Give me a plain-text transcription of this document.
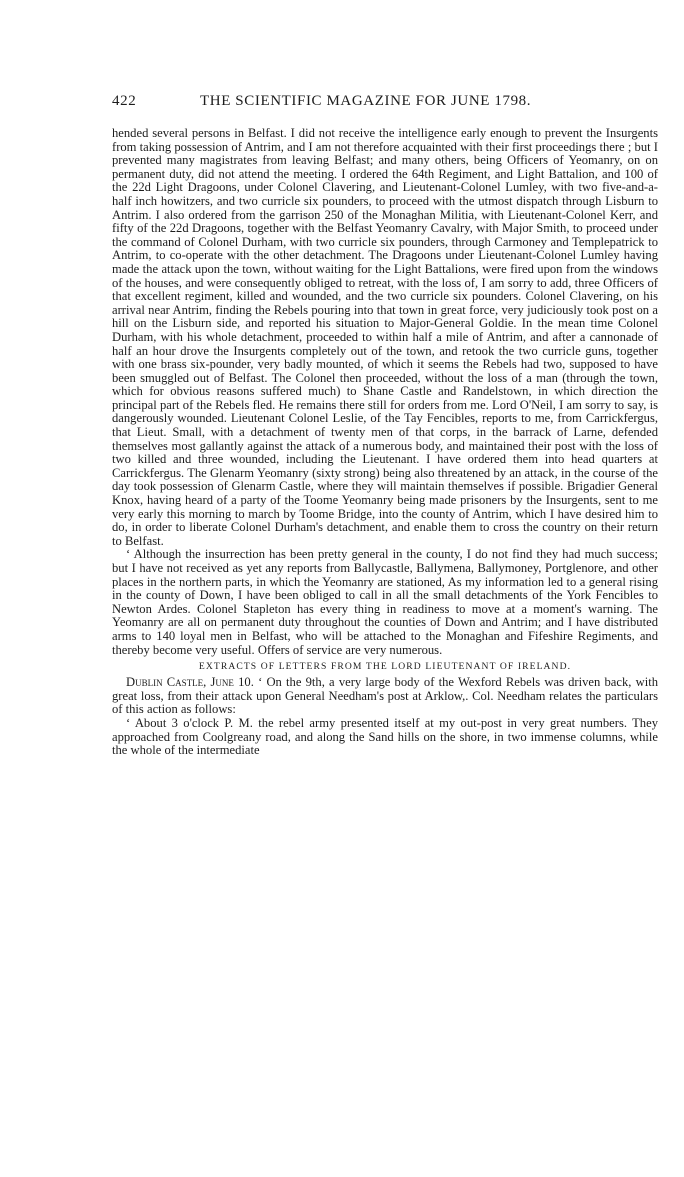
422	THE SCIENTIFIC MAGAZINE FOR JUNE 1798.

hended several persons in Belfast. I did not receive the intelligence early enough to prevent the Insurgents from taking possession of Antrim, and I am not therefore acquainted with their first proceedings there ; but I prevented many magistrates from leaving Belfast; and many others, being Officers of Yeomanry, on on permanent duty, did not attend the meeting. I ordered the 64th Regiment, and Light Battalion, and 100 of the 22d Light Dragoons, under Colonel Clavering, and Lieutenant-Colonel Lumley, with two five-and-a-half inch howitzers, and two curricle six pounders, to proceed with the utmost dispatch through Lisburn to Antrim. I also ordered from the garrison 250 of the Monaghan Militia, with Lieutenant-Colonel Kerr, and fifty of the 22d Dragoons, together with the Belfast Yeomanry Cavalry, with Major Smith, to proceed under the command of Colonel Durham, with two curricle six pounders, through Carmoney and Templepatrick to Antrim, to co-operate with the other detachment. The Dragoons under Lieutenant-Colonel Lumley having made the attack upon the town, without waiting for the Light Battalions, were fired upon from the windows of the houses, and were consequently obliged to retreat, with the loss of, I am sorry to add, three Officers of that excellent regiment, killed and wounded, and the two curricle six pounders. Colonel Clavering, on his arrival near Antrim, finding the Rebels pouring into that town in great force, very judiciously took post on a hill on the Lisburn side, and reported his situation to Major-General Goldie. In the mean time Colonel Durham, with his whole detachment, proceeded to within half a mile of Antrim, and after a cannonade of half an hour drove the Insurgents completely out of the town, and retook the two curricle guns, together with one brass six-pounder, very badly mounted, of which it seems the Rebels had two, supposed to have been smuggled out of Belfast. The Colonel then proceeded, without the loss of a man (through the town, which for obvious reasons suffered much) to Shane Castle and Randelstown, in which direction the principal part of the Rebels fled. He remains there still for orders from me. Lord O'Neil, I am sorry to say, is dangerously wounded. Lieutenant Colonel Leslie, of the Tay Fencibles, reports to me, from Carrickfergus, that Lieut. Small, with a detachment of twenty men of that corps, in the barrack of Larne, defended themselves most gallantly against the attack of a numerous body, and maintained their post with the loss of two killed and three wounded, including the Lieutenant. I have ordered them into head quarters at Carrickfergus. The Glenarm Yeomanry (sixty strong) being also threatened by an attack, in the course of the day took possession of Glenarm Castle, where they will maintain themselves if possible. Brigadier General Knox, having heard of a party of the Toome Yeomanry being made prisoners by the Insurgents, sent to me very early this morning to march by Toome Bridge, into the county of Antrim, which I have desired him to do, in order to liberate Colonel Durham's detachment, and enable them to cross the country on their return to Belfast.

‘ Although the insurrection has been pretty general in the county, I do not find they had much success; but I have not received as yet any reports from Ballycastle, Ballymena, Ballymoney, Portglenore, and other places in the northern parts, in which the Yeomanry are stationed, As my information led to a general rising in the county of Down, I have been obliged to call in all the small detachments of the York Fencibles to Newton Ardes. Colonel Stapleton has every thing in readiness to move at a moment's warning. The Yeomanry are all on permanent duty throughout the counties of Down and Antrim; and I have distributed arms to 140 loyal men in Belfast, who will be attached to the Monaghan and Fifeshire Regiments, and thereby become very useful. Offers of service are very numerous.

EXTRACTS OF LETTERS FROM THE LORD LIEUTENANT OF IRELAND.

Dublin Castle, June 10. ‘ On the 9th, a very large body of the Wexford Rebels was driven back, with great loss, from their attack upon General Needham's post at Arklow,. Col. Needham relates the particulars of this action as follows:

‘ About 3 o'clock P. M. the rebel army presented itself at my out-post in very great numbers. They approached from Coolgreany road, and along the Sand hills on the shore, in two immense columns, while the whole of the intermediate
